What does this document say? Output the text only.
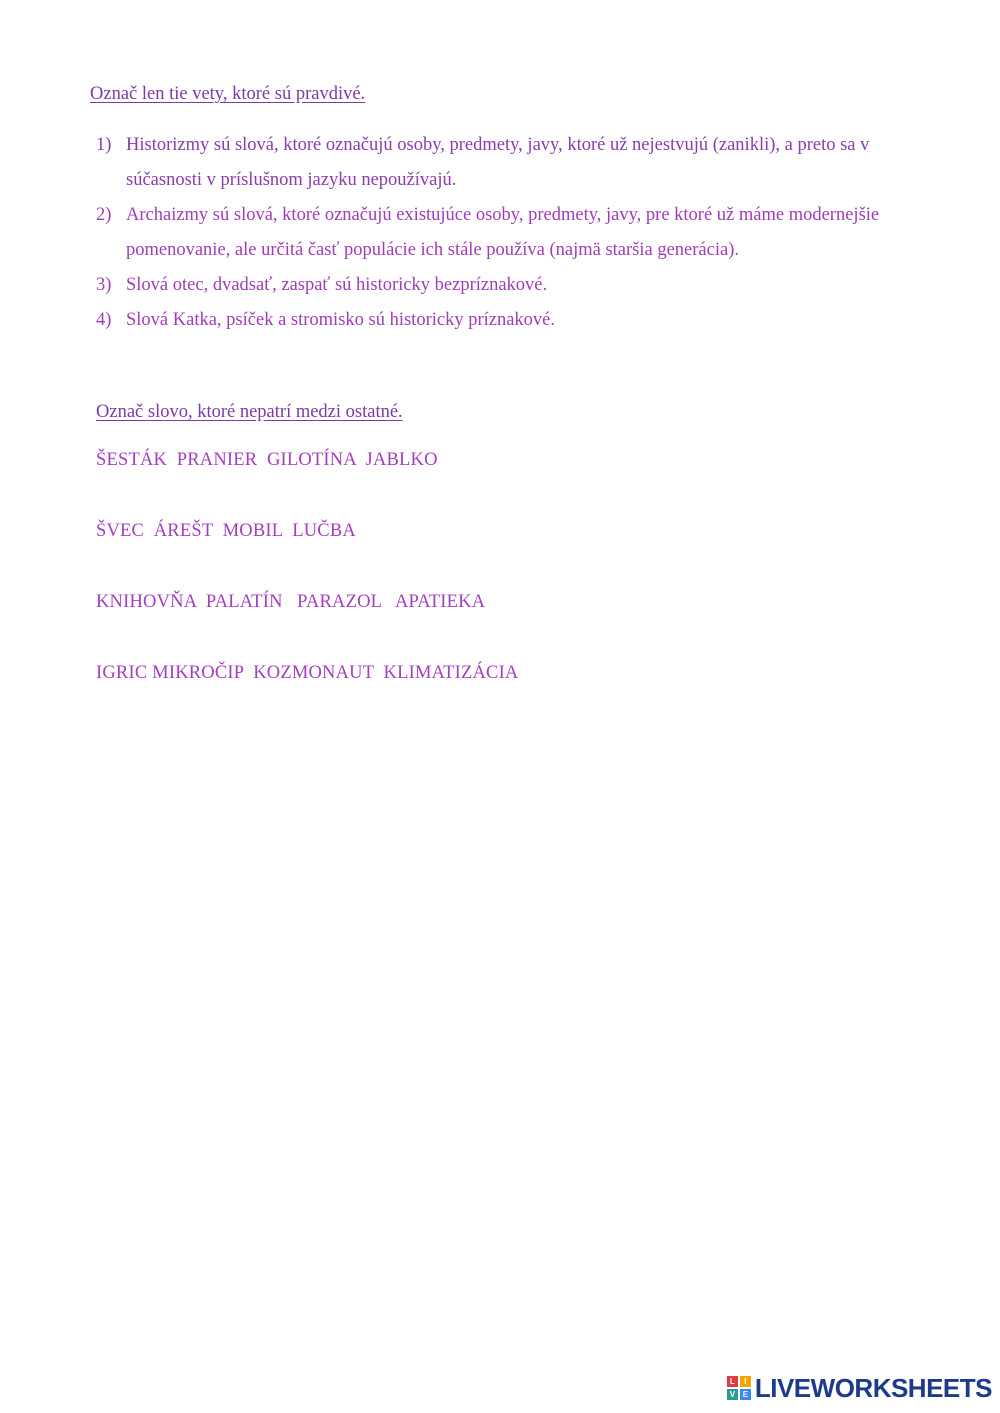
Označ len tie vety, ktoré sú pravdivé.
1) Historizmy sú slová, ktoré označujú osoby, predmety, javy, ktoré už nejestvujú (zanikli), a preto sa v súčasnosti v príslušnom jazyku nepoužívajú.
2) Archaizmy sú slová, ktoré označujú existujúce osoby, predmety, javy, pre ktoré už máme modernejšie pomenovanie, ale určitá časť populácie ich stále používa (najmä staršia generácia).
3) Slová otec, dvadsať, zaspať sú historicky bezpríznakové.
4) Slová Katka, psíček a stromisko sú historicky príznakové.
Označ slovo, ktoré nepatrí medzi ostatné.
ŠESTÁK  PRANIER  GILOTÍNA  JABLKO
ŠVEC  ÁREŠT  MOBIL  LUČBA
KNIHOVŇA  PALATÍN   PARAZOL   APATIEKA
IGRIC MIKROČIP  KOZMONAUT  KLIMATIZÁCIA
L	I
V E LIVEWORKSHEETS
